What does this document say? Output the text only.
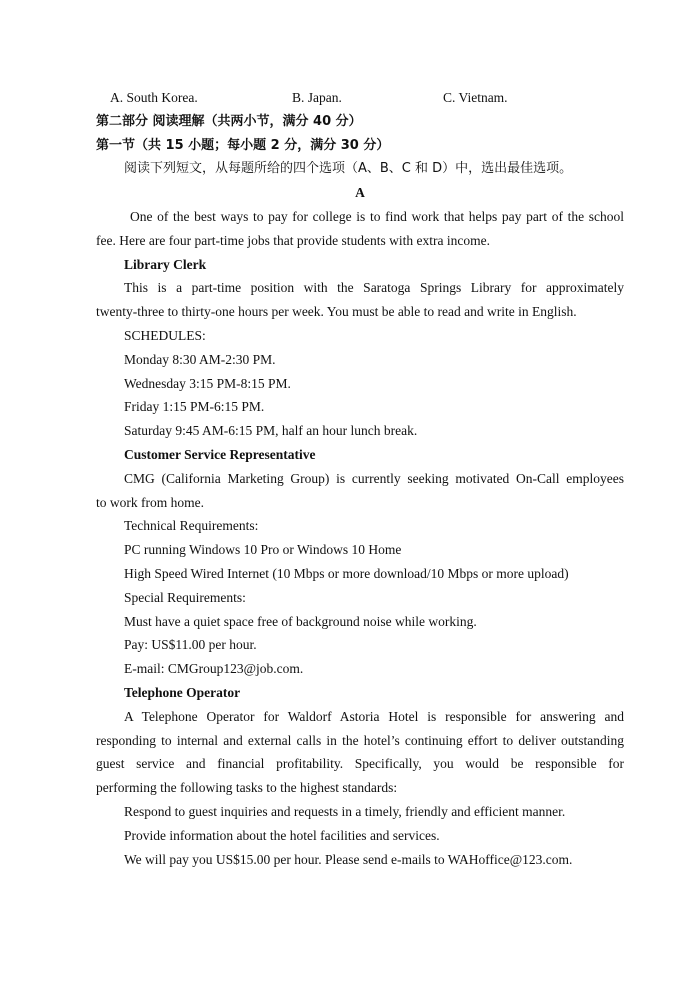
A. South Korea.	B. Japan.	C. Vietnam.
第二部分 阅读理解（共两小节，满分 40 分）
第一节（共 15 小题；每小题 2 分，满分 30 分）
阅读下列短文，从每题所给的四个选项（A、B、C 和 D）中，选出最佳选项。
A
One of the best ways to pay for college is to find work that helps pay part of the school
fee. Here are four part-time jobs that provide students with extra income.
Library Clerk
This is a part-time position with the Saratoga Springs Library for approximately
twenty-three to thirty-one hours per week. You must be able to read and write in English.
SCHEDULES:
Monday 8:30 AM-2:30 PM.
Wednesday 3:15 PM-8:15 PM.
Friday 1:15 PM-6:15 PM.
Saturday 9:45 AM-6:15 PM, half an hour lunch break.
Customer Service Representative
CMG (California Marketing Group) is currently seeking motivated On-Call employees
to work from home.
Technical Requirements:
PC running Windows 10 Pro or Windows 10 Home
High Speed Wired Internet (10 Mbps or more download/10 Mbps or more upload)
Special Requirements:
Must have a quiet space free of background noise while working.
Pay: US$11.00 per hour.
E-mail: CMGroup123@job.com.
Telephone Operator
A Telephone Operator for Waldorf Astoria Hotel is responsible for answering and
responding to internal and external calls in the hotel’s continuing effort to deliver outstanding
guest service and financial profitability. Specifically, you would be responsible for
performing the following tasks to the highest standards:
Respond to guest inquiries and requests in a timely, friendly and efficient manner.
Provide information about the hotel facilities and services.
We will pay you US$15.00 per hour. Please send e-mails to WAHoffice@123.com.
